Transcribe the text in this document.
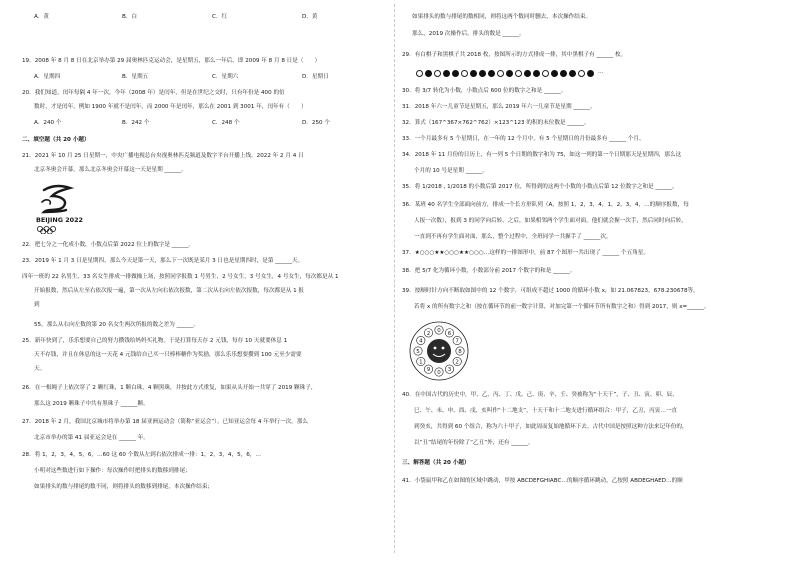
A．黄	B．白	C．红	D．黄
19．2008 年 8 月 8 日在北京举办第 29 届奥林匹克运动会，是星期五，那么一年后，即 2009 年 8 月 8 日是（　　）
A．星期四	B．星期五	C．星期六	D．星期日
20．我们知道，闰年每隔 4 年一次，今年（2008 年）是闰年，但是在世纪之交时，只有年份是 400 的倍
数时，才是闰年，例如 1900 年就不是闰年，而 2000 年是闰年，那么在 2001 到 3001 年，闰年有（　　）
A．240 个	B．242 个	C．248 个	D．250 个
二、填空题（共 20 小题）
21．2021 年 10 月 25 日星期一，中央广播电视总台央视奥林匹克频道及数字平台开播上线。2022 年 2 月 4 日
北京冬奥会开幕，那么北京冬奥会开幕这一天是星期 ______。
BEIJING 2022
22．把七分之一化成小数，小数点后第 2022 位上的数字是 ______。
23．2019 年 1 月 3 日是星期四，那么今天是第一天，那么下一次既是某月 3 日也是星期四时，是第 ______天。
四年一班的 22 名男生、33 名女生排成一排做操上场，按照同学报数 1 号男生，2 号女生，3 号女生，4 号女生，每次都是从 1
开始报数，然后从左至右依次报一遍，第一次从左向右依次报数，第二次从右向左依次报数，每次都是从 1 报
到
55。那么从右向左数的第 20 名女生两次所报的数之差为 ______。
25．新年快到了，乐乐想要自己的努力攒钱给妈妈买礼物。于是打算每天存 2 元钱，每存 10 天就要休息 1
天不存钱，并且在休息的这一天花 4 元钱给自己买一只棒棒糖作为奖励，那么乐乐想要攒到 100 元至少需要
天。
26．在一根绳子上依次穿了 2 颗红珠，1 颗白珠，4 颗黑珠，并按此方式重复，如果从头开始一共穿了 2019 颗珠子，
那么这 2019 颗珠子中共有黑珠子 ______颗。
27．2018 年 2 月，我国北京城市将举办第 18 届亚洲运动会（简称“亚运会”）。已知亚运会每 4 年举行一次。那么
北京市举办的第 41 届亚运会是在 ______ 年。
28．将 1，2，3，4，5，6，…60 这 60 个数从左到右依次排成一排：1，2，3，4，5，6，…
小明对这些数进行如下操作：每次操作时把排头的数移到排尾；
如果排头的数与排尾的数不同，则将排头的数移到排尾，本次操作结束；
如果排头的数与排尾的数相同，则将这两个数同时删去，本次操作结束。
那么，2019 次操作后，排头的数是 ______。
29．有白棋子和黑棋子共 2018 枚，按图所示的方式排成一排，其中黑棋子有 ______ 枚。
…
30．将 3/7 转化为小数，小数点后 600 位的数字之和是 ______。
31．2018 年六一儿童节是星期五，那么 2019 年六一儿童节是星期 ______。
32．算式（167^367×762^762）×123^123 的积的末位数是 ______。
33．一个月最多有 5 个星期日，在一年的 12 个月中，有 5 个星期日的月份最多有 ______ 个月。
34．2018 年 11 月份的日历上，有一列 5 个日期的数字和为 75，如这一列的第一个日期那天是星期四，那么这
个月的 10 号是星期 ______。
35．将 1/2018 , 1/2018 的小数后第 2017 位，所得到的这两个小数的小数点后第 12 位数字之和是 ______。
36．某班 40 名学生全部面向前方，排成一个长方形队列（A，按照 1，2，3，4，1，2，3，4，…的顺序报数，每
人报一次数），报到 3 的同学向后转，之后，如果相邻两个学生面对面，他们就会握一次手，然后同时向后转，
一直到不再有学生面对面，那么，整个过程中，全班同学一共握手了 ______次。
37．★○○○★★○○○★★○○○…这样的一排图形中，前 87 个图形一共出现了 ______ 个五角星。
38．把 5/7 化为循环小数，小数部分前 2017 个数字的和是 ______。
39．按顺时针方向不断取如图中的 12 个数字，可组成不超过 1000 的循环小数 x，如 21.0̇67823，678.23067̇8等，
若将 x 的所有数字之和（按在循环节的前一数字计算，对加完第一个循环节所有数字之和）得到 2017，则 x=______。
0 6
7
8
2
3
0
9
1
5
4
2
40．在中国古代的历史中，甲、乙、丙、丁、戊、己、庚、辛、壬、癸被称为“十天干”，子、丑、寅、卯、辰、
巳、午、未、申、酉、戌、亥叫作“十二地支”，十天干和十二地支进行循环组合：甲子，乙丑，丙寅…一直
到癸亥，共得到 60 个组合，称为六十甲子，如此周而复始地循环下去。古代中国是按照这种方法来记年份的，
以“丑”结尾的年份除了“乙丑”外，还有 ______。
三、解答题（共 20 小题）
41．小袋鼠甲和乙在如图的区域中跳动，甲按 ABCDEFGHIABC…的顺序循环跳动，乙按照 ABDEGHAED…的顺
